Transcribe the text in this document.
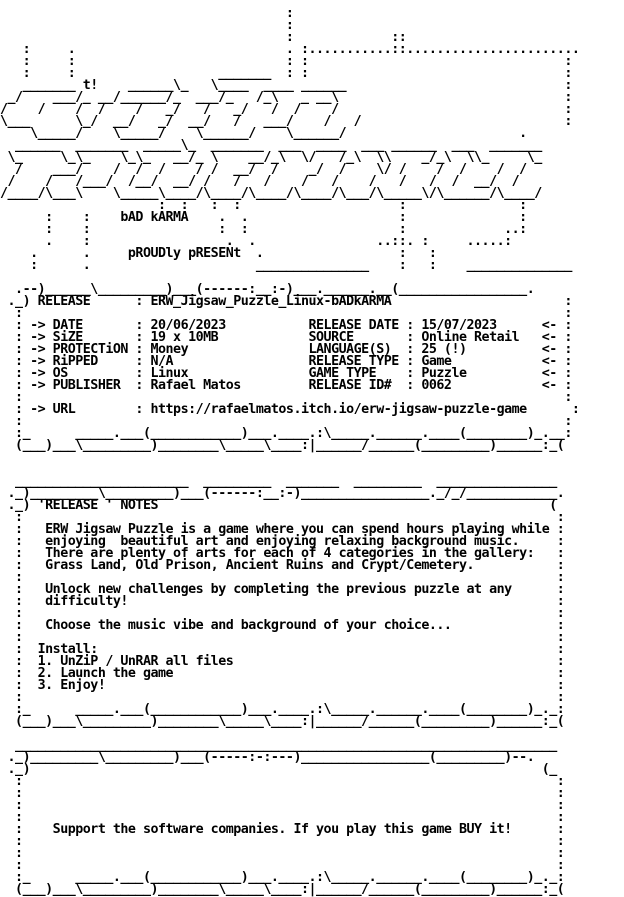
:
:
:             ::
:     .                            . :...........::.......................
:     :                            : :                                  :
:     :                   _______  : :                                  :
_______ t!    ______\_   \____  ____ ______                             :
_/    ___/_ __/______/_  ___/_   /_\   _ __\                              :
/    /    /  /    /   _/   /   _/   /  /    /                              :
\___      \_/  __/   _/  __/   /   ___/    /   /                           :
\_____/    \_____/    \______/    \______/                       .
______  _______  _____\_  _______  ___  ____  ___ ______  ___  _______
\_     \_\_    \_\_   __/_ \    __/_\  \/   /_\  \\    _/_\  \\_     \_
/    ___/    /  /  /    / /  __/  /    _/  /    \/ /    /  /    /  /
/    /   /___/  /__/  __/ /   /   /    /   /    /   /   /  /  __/  /
/____/\___\    \_____\____/\____/\____/\____/\___/\_____\/\______/\____/
:  :   :  :                     :               :
:    :    bAD kARMA    .  .                    :               :
:    :                 :  :                    :             ..:
.    :                  .  .                ..::. :     .....:
.      .     pROUDly pRESENt  .                  :   :
:      .                      _______________    :   :    ______________
.--)______\_________)___(------:__:-)___.______.__(_________________.
._) RELEASE      : ERW_Jigsaw_Puzzle_Linux-bADkARMA                       :
:                                                                        :
: -> DATE       : 20/06/2023           RELEASE DATE : 15/07/2023      <- :
: -> SiZE       : 19 x 10MB            SOURCE       : Online Retail   <- :
: -> PROTECTiON : Money                LANGUAGE(S)  : 25 (!)          <- :
: -> RiPPED     : N/A                  RELEASE TYPE : Game            <- :
: -> OS         : Linux                GAME TYPE    : Puzzle          <- :
: -> PUBLISHER  : Rafael Matos         RELEASE ID#  : 0062            <- :
:                                                                        :
: -> URL        : https://rafaelmatos.itch.io/erw-jigsaw-puzzle-game      :
:                                                                        :
:_      _____.___(____________)___.____.:\_____.______.____(________)_.__:
(___)___\_________)________\_____\____:|______/______(_________)______:_(
_______________________  _________  _______  _________  ________________
._)_________\_________)___(------:__:-)_________________._/_/____________.
._) 'RELEASE ' NOTES                                                    (
:                                                                       :
:   ERW Jigsaw Puzzle is a game where you can spend hours playing while :
:   enjoying  beautiful art and enjoying relaxing background music.     :
:   There are plenty of arts for each of 4 categories in the gallery:   :
:   Grass Land, Old Prison, Ancient Ruins and Crypt/Cemetery.           :
:                                                                       :
:   Unlock new challenges by completing the previous puzzle at any      :
:   difficulty!                                                         :
:                                                                       :
:   Choose the music vibe and background of your choice...              :
:                                                                       :
:  Install:                                                             :
:  1. UnZiP / UnRAR all files                                           :
:  2. Launch the game                                                   :
:  3. Enjoy!                                                            :
:                                                                       :
:_      _____.___(____________)___.____.:\_____.______.____(________)_._:
(___)___\_________)________\_____\____:|______/______(_________)______:_(
________________________________________________________________________
._)_________\_________)___(-----:-:---)_________________(_________)--.
._)                                                                    (_
:                                                                       :
:                                                                       :
:                                                                       :
:                                                                       :
:    Support the software companies. If you play this game BUY it!      :
:                                                                       :
:                                                                       :
:                                                                       :
:_      _____.___(____________)___.____.:\_____.______.____(________)_._:
(___)___\_________)________\_____\____:|______/______(_________)______:_(
